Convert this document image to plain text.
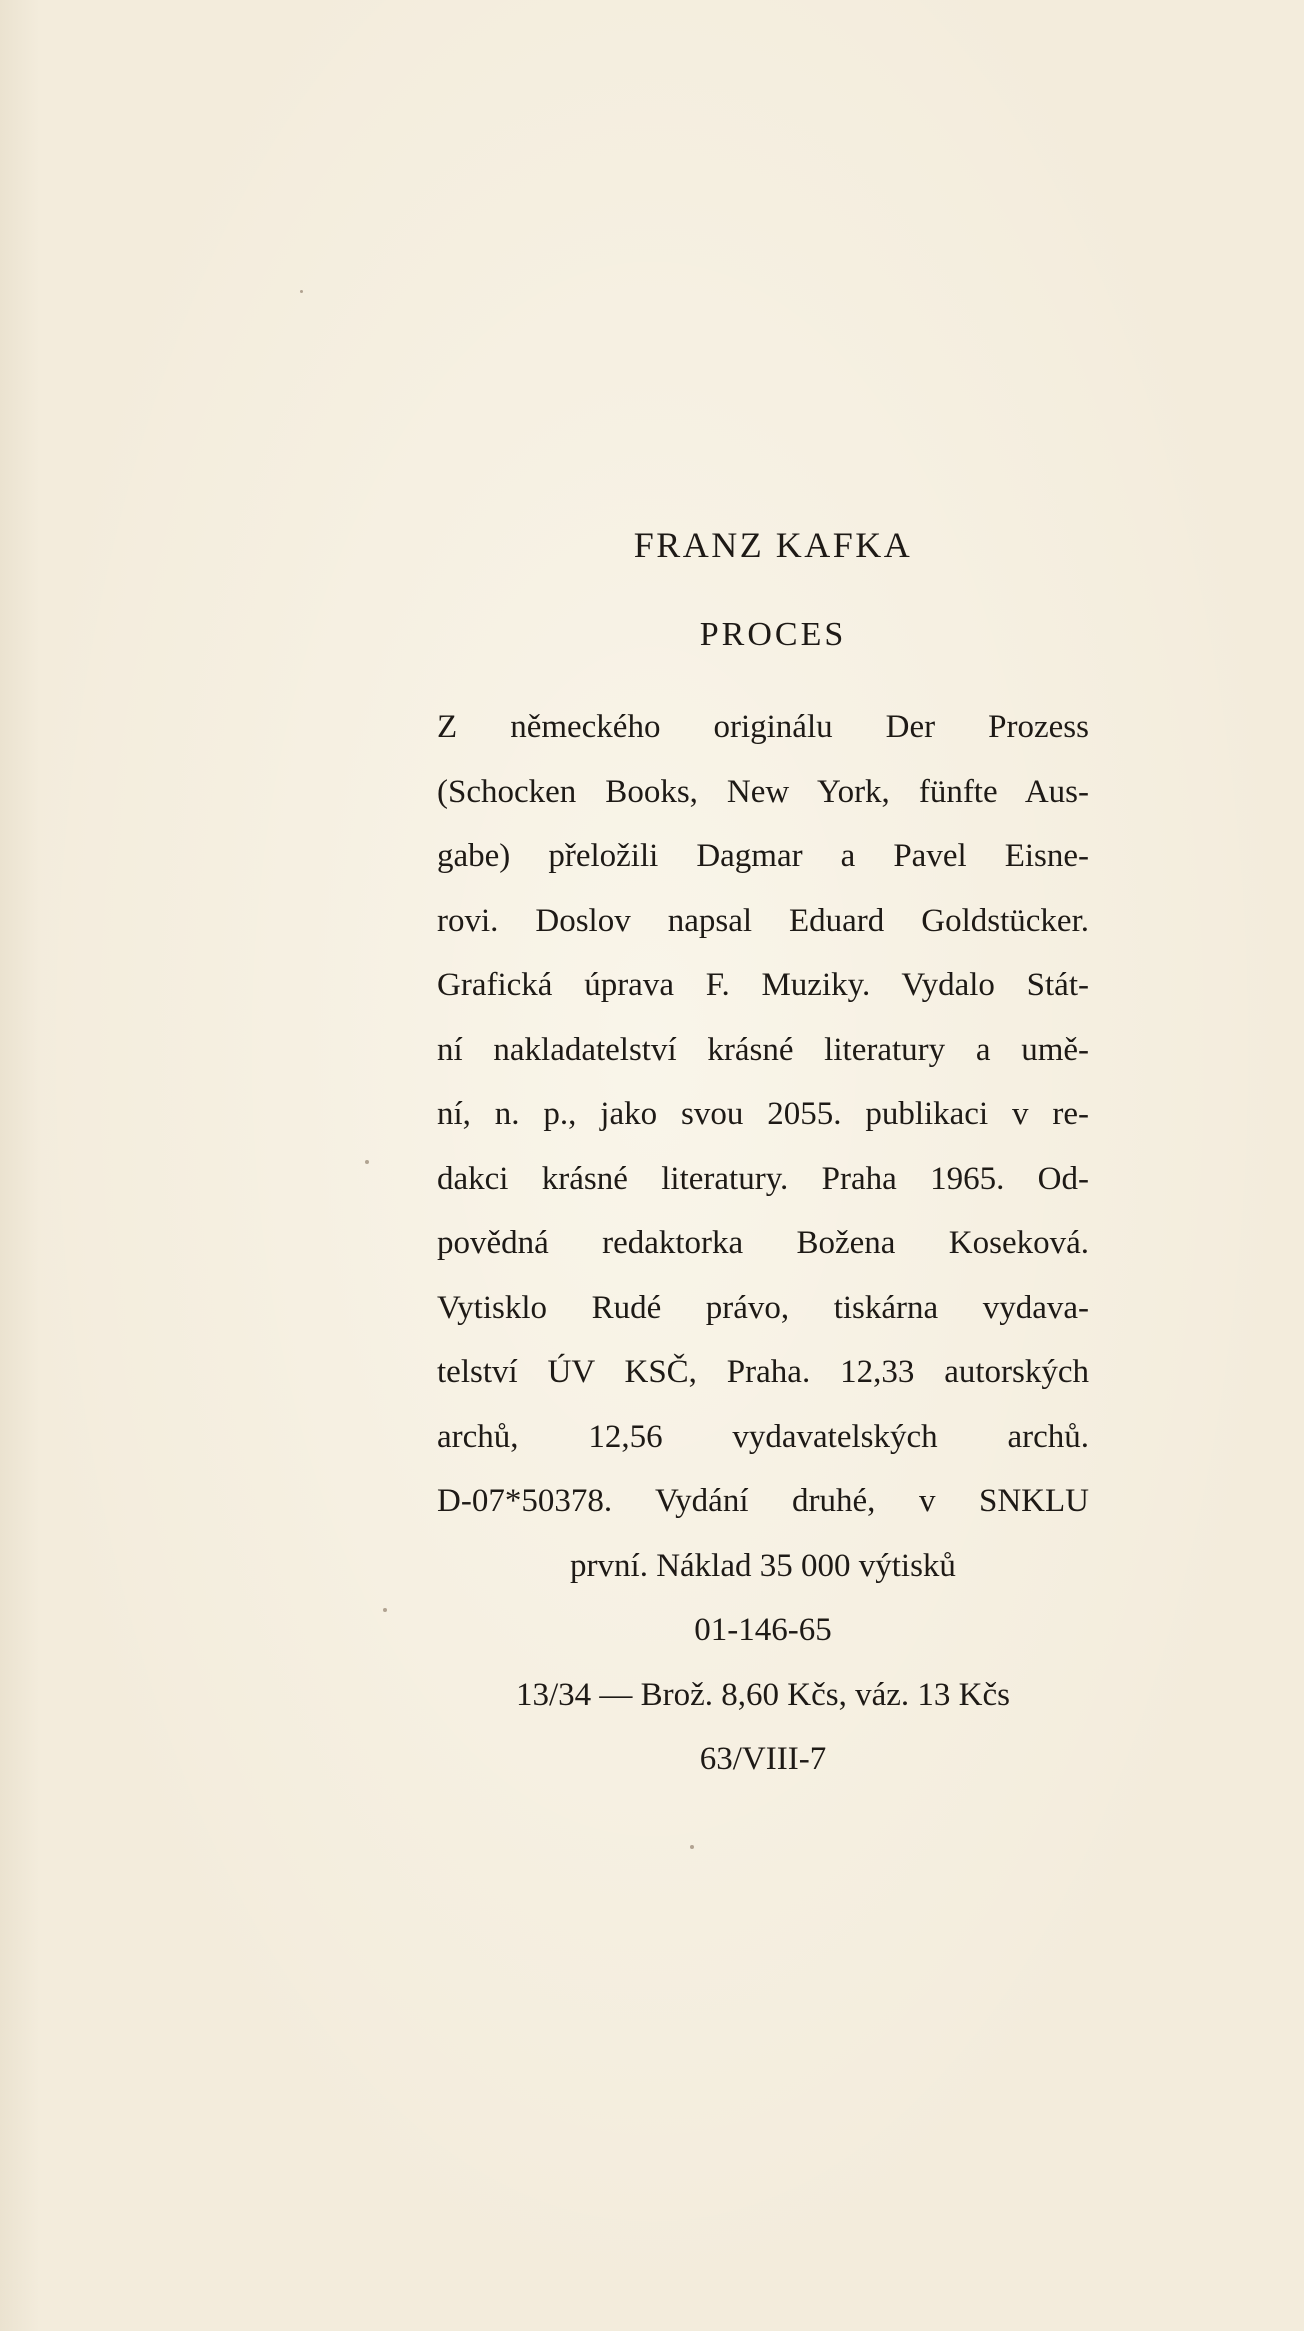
FRANZ KAFKA
PROCES
Z německého originálu Der Prozess
(Schocken Books, New York, fünfte Aus-
gabe) přeložili Dagmar a Pavel Eisne-
rovi. Doslov napsal Eduard Goldstücker.
Grafická úprava F. Muziky. Vydalo Stát-
ní nakladatelství krásné literatury a umě-
ní, n. p., jako svou 2055. publikaci v re-
dakci krásné literatury. Praha 1965. Od-
povědná redaktorka Božena Koseková.
Vytisklo Rudé právo, tiskárna vydava-
telství ÚV KSČ, Praha. 12,33 autorských
archů, 12,56 vydavatelských archů.
D-07*50378. Vydání druhé, v SNKLU
první. Náklad 35 000 výtisků
01-146-65
13/34 — Brož. 8,60 Kčs, váz. 13 Kčs
63/VIII-7
